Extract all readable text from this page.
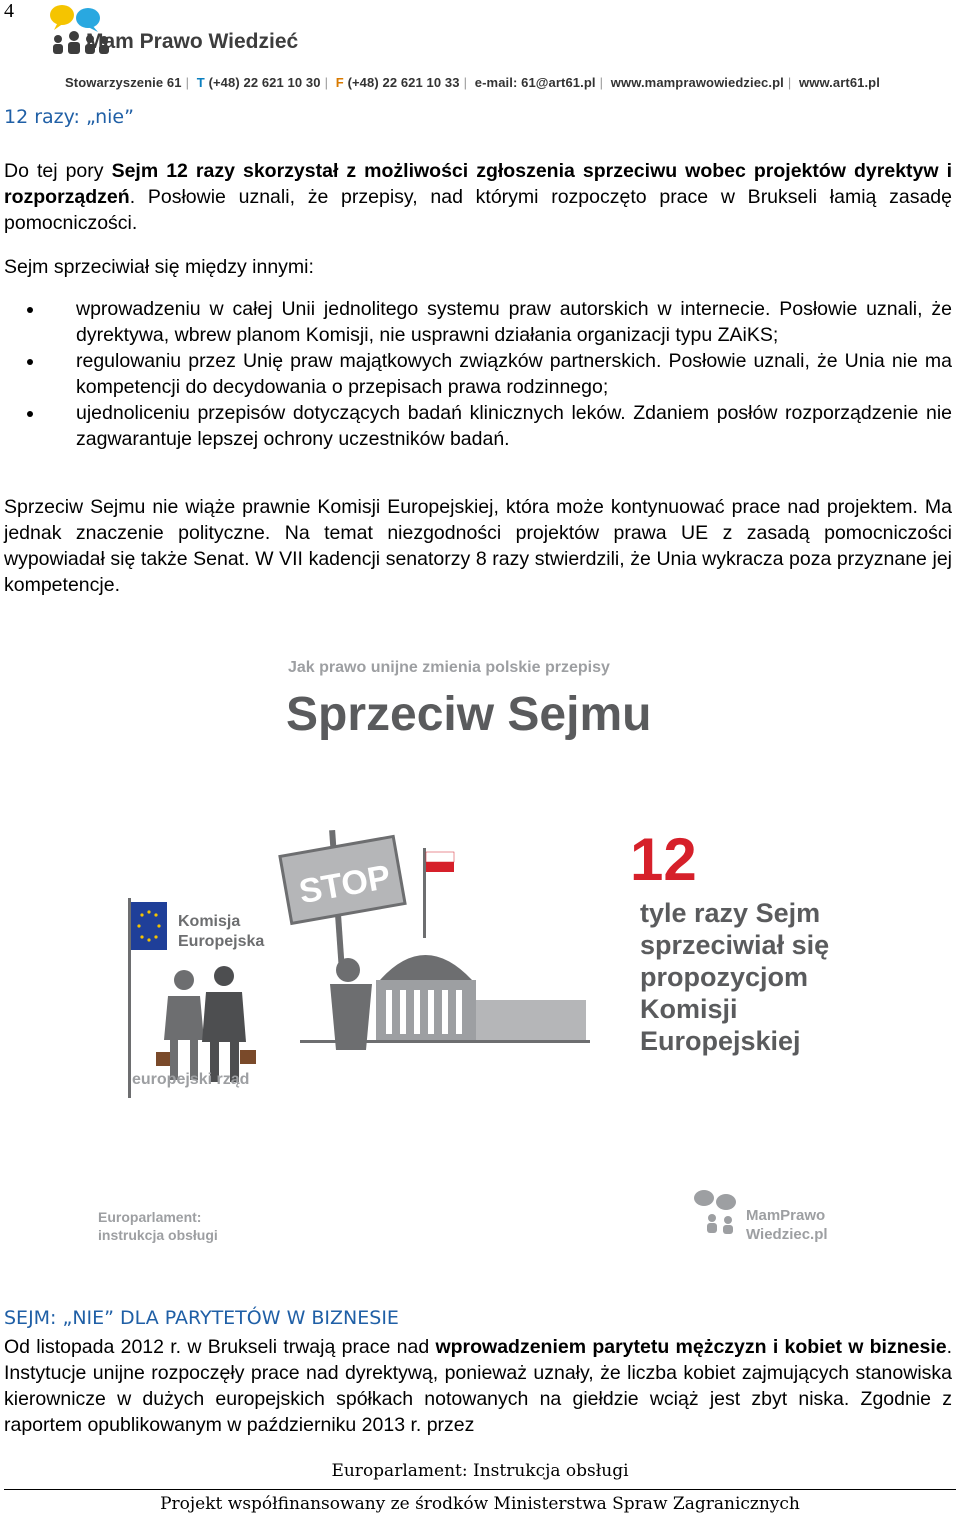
4
Mam Prawo Wiedzieć
Stowarzyszenie 61 | T (+48) 22 621 10 30 | F (+48) 22 621 10 33 | e-mail: 61@art61.pl | www.mamprawowiedziec.pl | www.art61.pl
12 razy: „nie”

Do tej pory Sejm 12 razy skorzystał z możliwości zgłoszenia sprzeciwu wobec projektów dyrektyw i rozporządzeń. Posłowie uznali, że przepisy, nad którymi rozpoczęto prace w Brukseli łamią zasadę pomocniczości.

Sejm sprzeciwiał się między innymi:

wprowadzeniu w całej Unii jednolitego systemu praw autorskich w internecie. Posłowie uznali, że dyrektywa, wbrew planom Komisji, nie usprawni działania organizacji typu ZAiKS;
regulowaniu przez Unię praw majątkowych związków partnerskich. Posłowie uznali, że Unia nie ma kompetencji do decydowania o przepisach prawa rodzinnego;
ujednoliceniu przepisów dotyczących badań klinicznych leków. Zdaniem posłów rozporządzenie nie zagwarantuje lepszej ochrony uczestników badań.

Sprzeciw Sejmu nie wiąże prawnie Komisji Europejskiej, która może kontynuować prace nad projektem. Ma jednak znaczenie polityczne. Na temat niezgodności projektów prawa UE z zasadą pomocniczości wypowiadał się także Senat. W VII kadencji senatorzy 8 razy stwierdzili, że Unia wykracza poza przyznane jej kompetencje.

Jak prawo unijne zmienia polskie przepisy
Sprzeciw Sejmu
Komisja
Europejska
europejski rząd
STOP	12
tyle razy Sejm
sprzeciwiał się
propozycjom
Komisji
Europejskiej
Europarlament:
instrukcja obsługi
MamPrawo
Wiedziec.pl
SEJM: „NIE” DLA PARYTETÓW W BIZNESIE

Od listopada 2012 r. w Brukseli trwają prace nad wprowadzeniem parytetu mężczyzn i kobiet w biznesie. Instytucje unijne rozpoczęły prace nad dyrektywą, ponieważ uznały, że liczba kobiet zajmujących stanowiska kierownicze w dużych europejskich spółkach notowanych na giełdzie wciąż jest zbyt niska. Zgodnie z raportem opublikowanym w październiku 2013 r. przez

Europarlament: Instrukcja obsługi
Projekt współfinansowany ze środków Ministerstwa Spraw Zagranicznych
